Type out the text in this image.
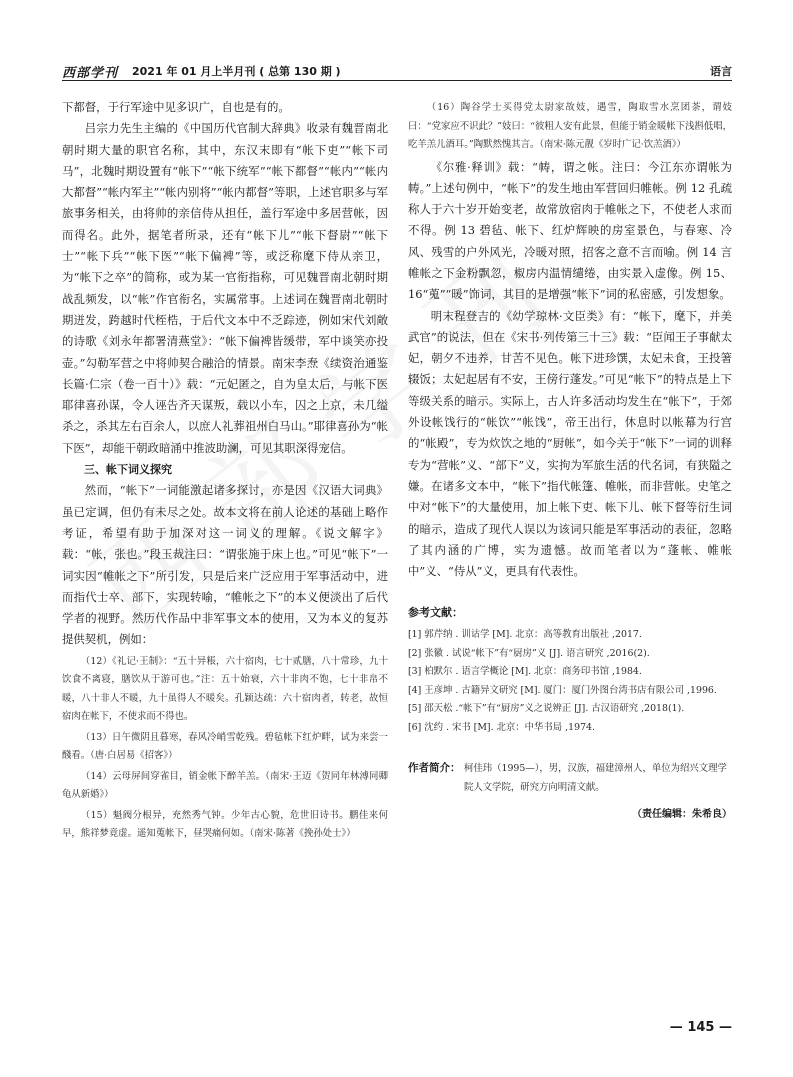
西部学刊 2021 年 01 月上半月刊 ( 总第 130 期 )	语言

下都督，于行军途中见多识广，自也是有的。

吕宗力先生主编的《中国历代官制大辞典》收录有魏晋南北朝时期大量的职官名称，其中，东汉末即有“帐下吏”“帐下司马”，北魏时期设置有“帐下”“帐下统军”“帐下都督”“帐内”“帐内大都督”“帐内军主”“帐内别将”“帐内都督”等职，上述官职多与军旅事务相关，由将帅的亲信侍从担任，盖行军途中多居营帐，因而得名。此外，据笔者所录，还有“帐下儿”“帐下督尉”“帐下士”“帐下兵”“帐下医”“帐下偏裨”等，或泛称麾下侍从亲卫，为“帐下之卒”的简称，或为某一官衔指称，可见魏晋南北朝时期战乱频发，以“帐”作官衔名，实属常事。上述词在魏晋南北朝时期迸发，跨越时代桎梏，于后代文本中不乏踪迹，例如宋代刘敞的诗歌《刘永年都署清燕堂》：“帐下偏裨皆缓带，军中谈笑亦投壶。”勾勒军营之中将帅契合融洽的情景。南宋李焘《续资治通鉴长篇·仁宗（卷一百十）》载：“元妃匿之，自为皇太后，与帐下医耶律喜孙谋，令人诬告齐天谋叛，载以小车，囚之上京，未几缢杀之，杀其左右百余人，以庶人礼葬祖州白马山。”耶律喜孙为“帐下医”，却能干朝政暗涌中推波助澜，可见其职深得宠信。

三、帐下词义探究

然而，“帐下”一词能激起诸多探讨，亦是因《汉语大词典》虽已定调，但仍有未尽之处。故本文将在前人论述的基础上略作考证，希望有助于加深对这一词义的理解。《说文解字》载：“帐，张也。”段玉裁注曰：“谓张施于床上也。”可见“帐下”一词实因“帷帐之下”所引发，只是后来广泛应用于军事活动中，进而指代士卒、部下，实现转喻，“帷帐之下”的本义便淡出了后代学者的视野。然历代作品中非军事文本的使用，又为本义的复苏提供契机，例如：

（12）《礼记·王制》：“五十异粻，六十宿肉，七十贰膳，八十常珍，九十饮食不离寝，膳饮从于游可也。”注：五十始衰，六十非肉不饱，七十非帛不暖，八十非人不暖，九十虽得人不暖矣。孔颖达疏：六十宿肉者，转老，故恒宿肉在帐下，不使求而不得也。

（13）日午微阴且暮寒，春风冷峭雪乾残。碧毡帐下红炉畔，试为来尝一醆看。（唐·白居易《招客》）

（14）云母屏间穿雀目，销金帐下醉羊羔。（南宋·王迈《贺同年林溥同卿龟从新婚》）

（15）魁阀分根异，充然秀气钟。少年古心貌，危世旧诗书。鹏佳来何早，熊祥梦竟虚。遥知蒐帐下，昼哭痛何如。（南宋·陈著《挽孙处士》）

（16）陶谷学士买得党太尉家故妓，遇雪，陶取雪水烹团茶，谓妓曰：“党家应不识此？”妓曰：“彼粗人安有此景，但能于销金暖帐下浅斟低唱，吃羊羔儿酒耳。”陶默然愧其言。（南宋·陈元靓《岁时广记·饮羔酒》）

《尔雅·释训》载：“帱，谓之帐。注曰：今江东亦谓帐为帱。”上述句例中，“帐下”的发生地由军营回归帷帐。例 12 孔疏称人于六十岁开始变老，故常放宿肉于帷帐之下，不使老人求而不得。例 13 碧毡、帐下、红炉辉映的房室景色，与春寒、冷风、残雪的户外风光，冷暖对照，招客之意不言而喻。例 14 言帷帐之下金粉飘忽，椒房内温情缱绻，由实景入虚像。例 15、16“蒐”“暖”饰词，其目的是增强“帐下”词的私密感，引发想象。

明末程登吉的《幼学琼林·文臣类》有：“帐下，麾下，并美武官”的说法，但在《宋书·列传第三十三》载：“臣闻王子事献太妃，朝夕不违养，甘苦不见色。帐下进珍馔，太妃未食，王投箸辍饭；太妃起居有不安，王傍行蓬发。”可见“帐下”的特点是上下等级关系的暗示。实际上，古人许多活动均发生在“帐下”，于郊外设帐饯行的“帐饮”“帐饯”，帝王出行，休息时以帐幕为行宫的“帐殿”，专为炊饮之地的“厨帐”，如今关于“帐下”一词的训释专为“营帐”义、“部下”义，实拘为军旅生活的代名词，有狭隘之嫌。在诸多文本中，“帐下”指代帐篷、帷帐，而非营帐。史笔之中对“帐下”的大量使用，加上帐下吏、帐下儿、帐下督等衍生词的暗示，造成了现代人误以为该词只能是军事活动的表征，忽略了其内涵的广博，实为遗憾。故而笔者以为“蓬帐、帷帐中”义、“侍从”义，更具有代表性。

参考文献：

[1] 郭芹纳 . 训诂学 [M]. 北京：高等教育出版社 ,2017.

[2] 张徽 . 试说“帐下”有“厨房”义 [J]. 语言研究 ,2016(2).

[3] 柏默尔 . 语言学概论 [M]. 北京：商务印书馆 ,1984.

[4] 王彦坤 . 古籍异文研究 [M]. 厦门：厦门外图台湾书店有限公司 ,1996.

[5] 邵天松 .“帐下”有“厨房”义之说辨正 [J]. 古汉语研究 ,2018(1).

[6] 沈约 . 宋书 [M]. 北京：中华书局 ,1974.

作者简介： 柯佳玮（1995—），男，汉族，福建漳州人，单位为绍兴文理学院人文学院，研究方向明清文献。
（责任编辑：朱希良）
— 145 —
